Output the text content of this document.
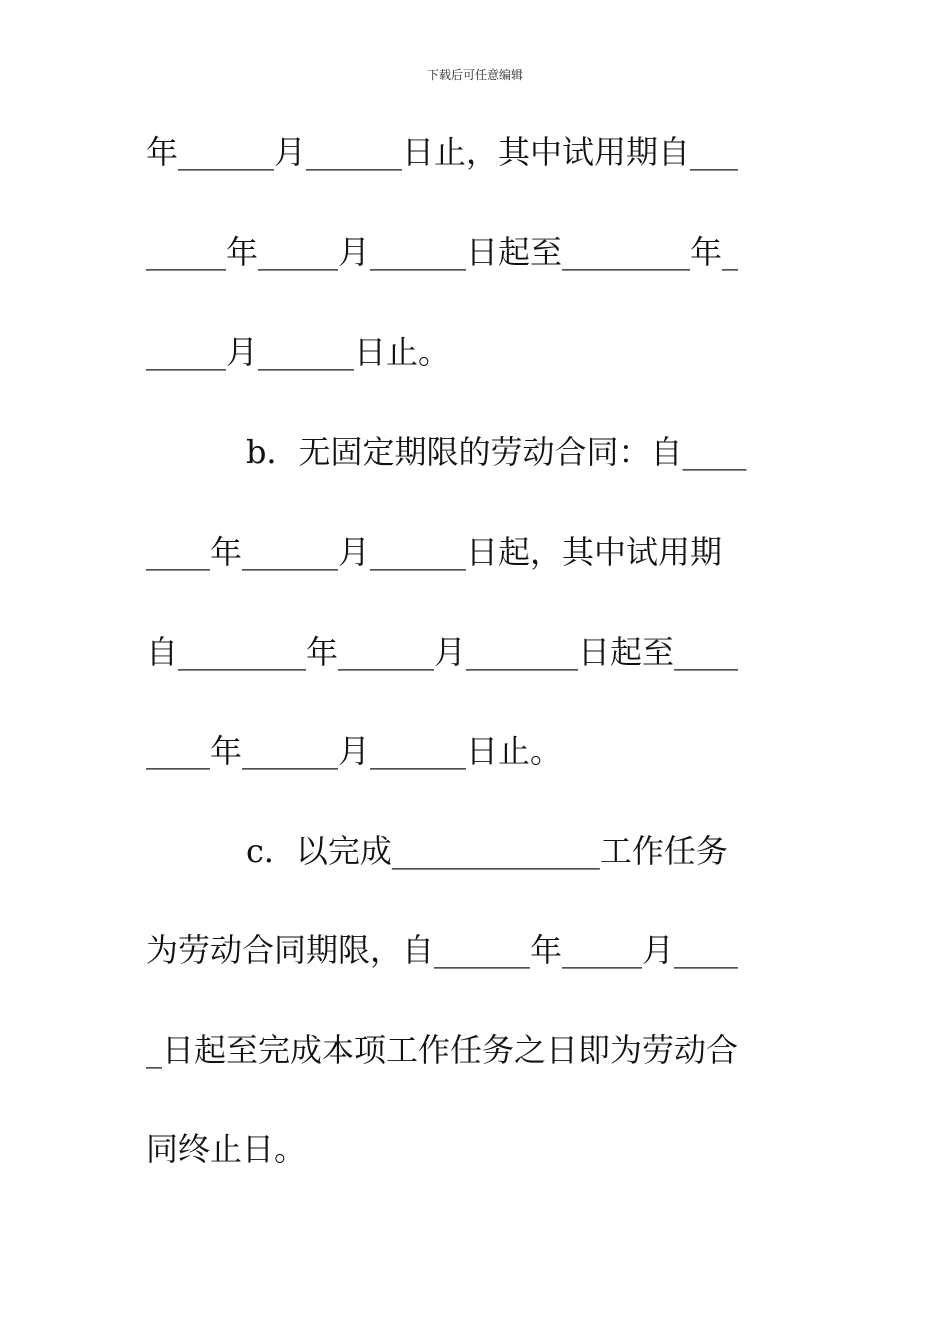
下载后可任意编辑
年______月______日止，其中试用期自___
_____年_____月______日起至________年_
_____月______日止。
b．无固定期限的劳动合同：自____
____年______月______日起，其中试用期
自________年______月_______日起至____
____年______月______日止。
c．以完成_____________工作任务
为劳动合同期限，自______年_____月____
_日起至完成本项工作任务之日即为劳动合
同终止日。
